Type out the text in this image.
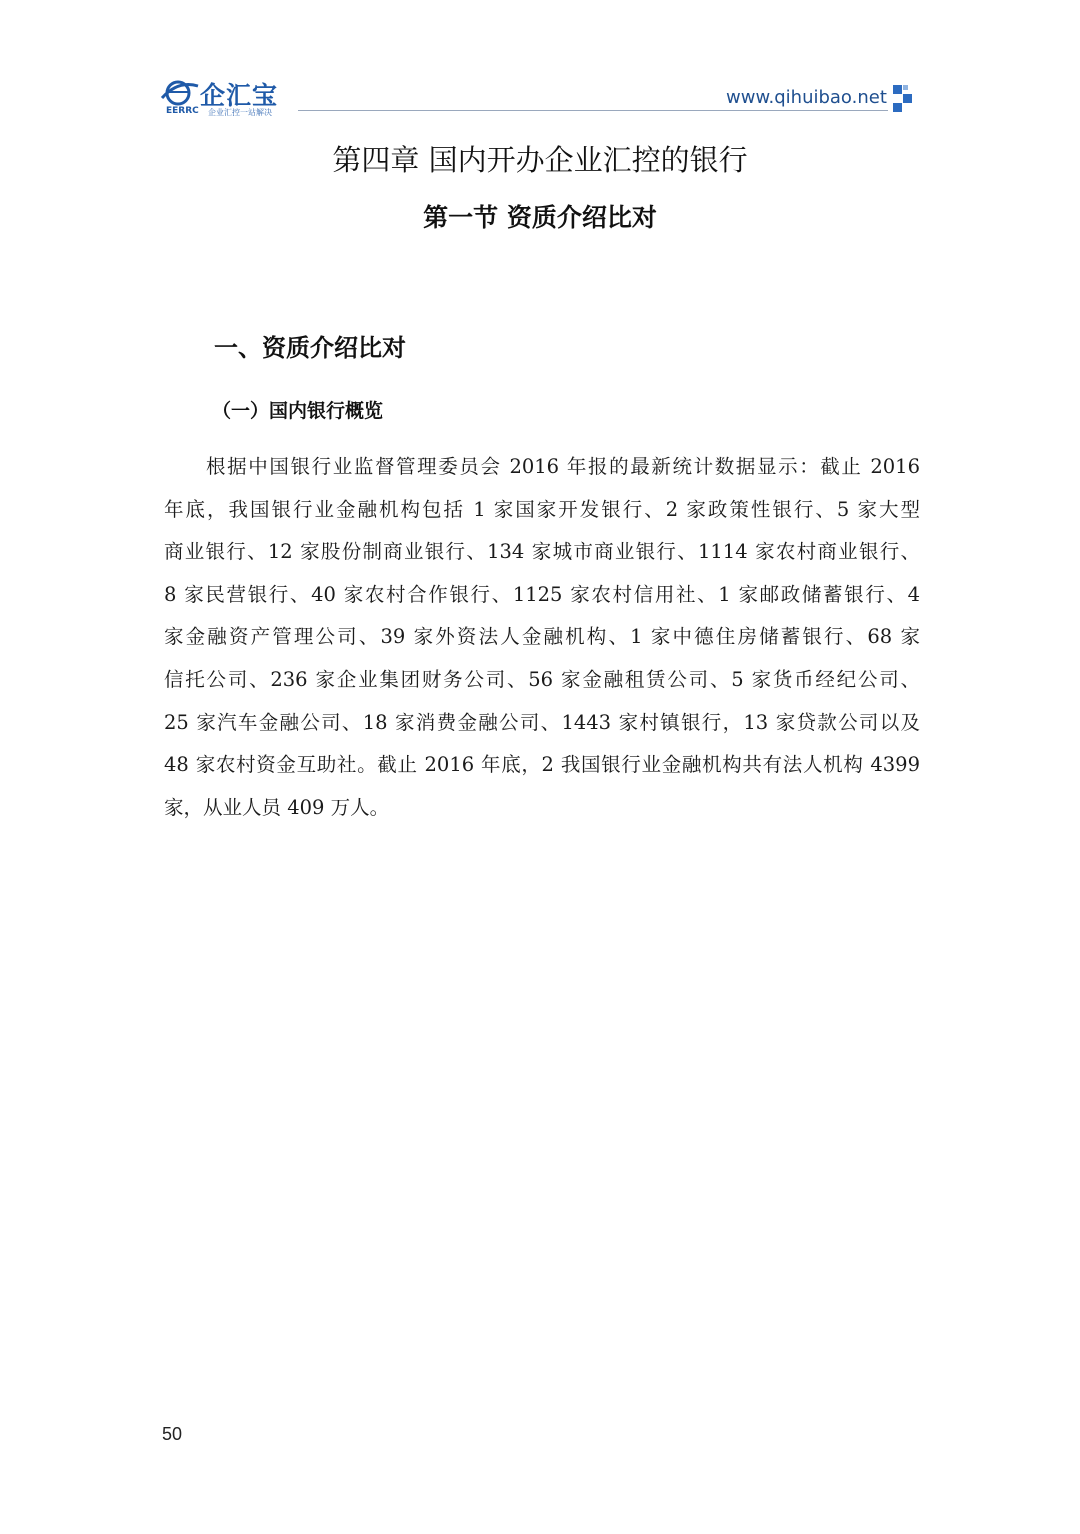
企汇宝
EERRC 企业汇控一站解决
www.qihuibao.net
第四章 国内开办企业汇控的银行
第一节 资质介绍比对
一、资质介绍比对
（一）国内银行概览
根据中国银行业监督管理委员会 2016 年报的最新统计数据显示：截止 2016
年底，我国银行业金融机构包括 1 家国家开发银行、2 家政策性银行、5 家大型
商业银行、12 家股份制商业银行、134 家城市商业银行、1114 家农村商业银行、
8 家民营银行、40 家农村合作银行、1125 家农村信用社、1 家邮政储蓄银行、4
家金融资产管理公司、39 家外资法人金融机构、1 家中德住房储蓄银行、68 家
信托公司、236 家企业集团财务公司、56 家金融租赁公司、5 家货币经纪公司、
25 家汽车金融公司、18 家消费金融公司、1443 家村镇银行，13 家贷款公司以及
48 家农村资金互助社。截止 2016 年底，2 我国银行业金融机构共有法人机构 4399
家，从业人员 409 万人。
50
